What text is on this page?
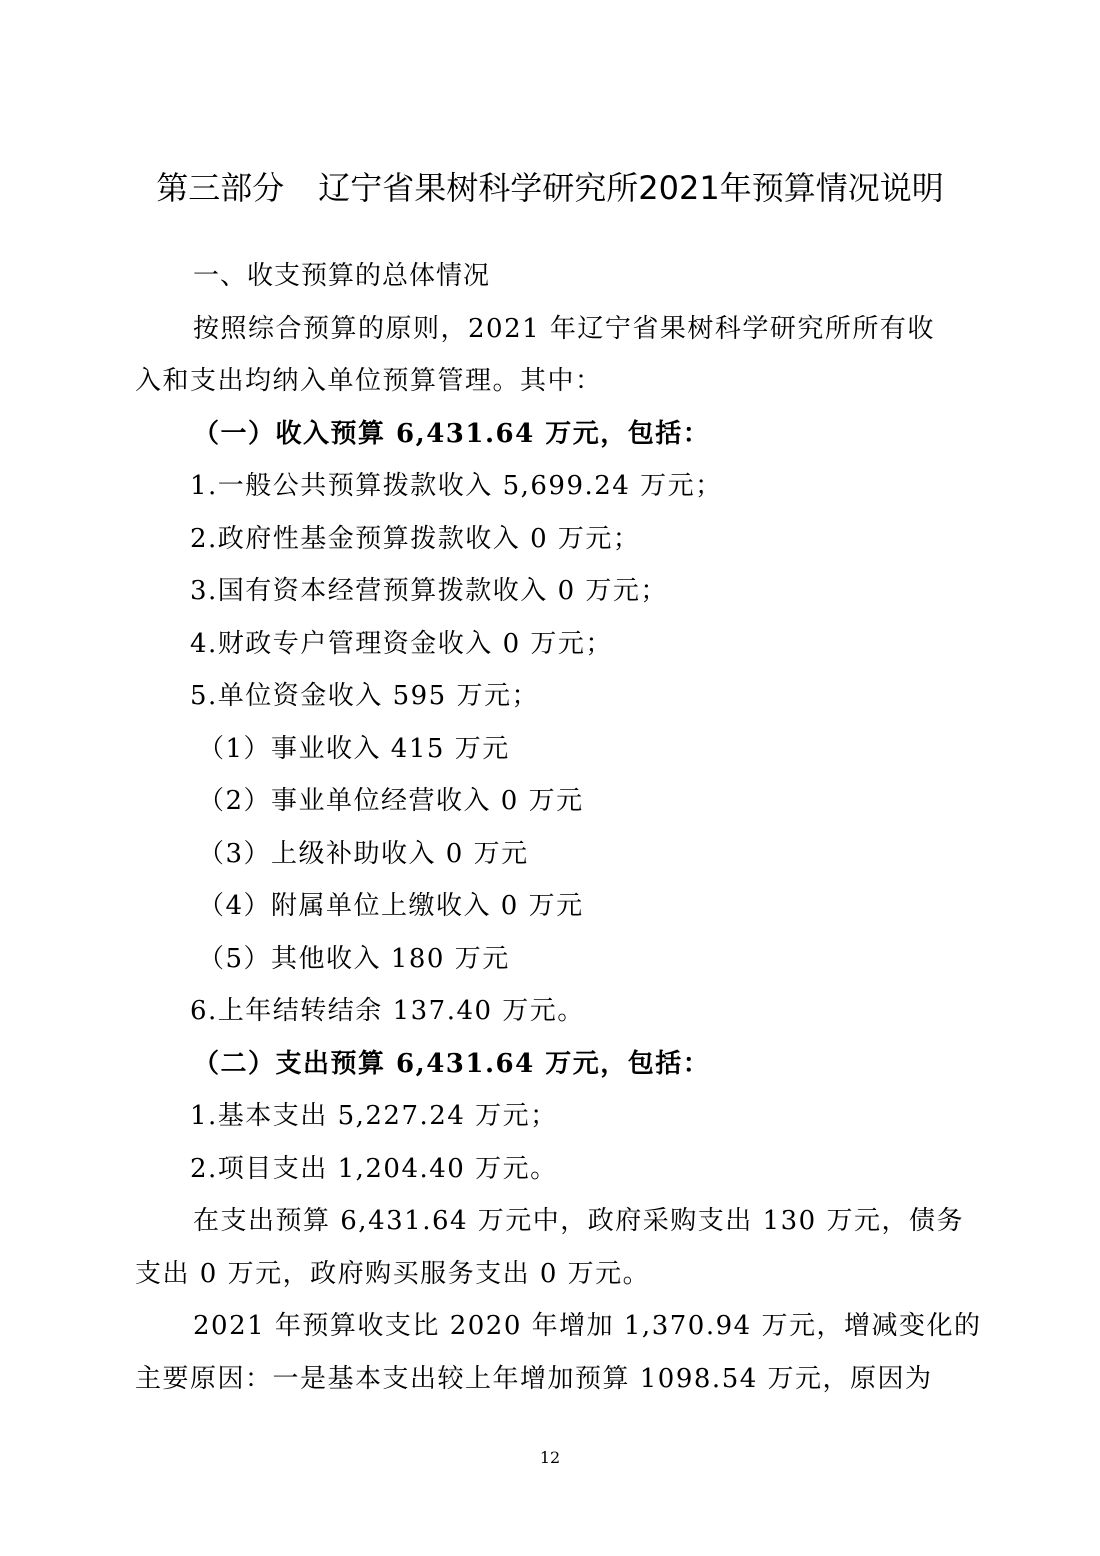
第三部分 辽宁省果树科学研究所2021年预算情况说明
一、收支预算的总体情况
按照综合预算的原则，2021 年辽宁省果树科学研究所所有收
入和支出均纳入单位预算管理。其中：
（一）收入预算 6,431.64 万元，包括：
1.一般公共预算拨款收入 5,699.24 万元；
2.政府性基金预算拨款收入 0 万元；
3.国有资本经营预算拨款收入 0 万元；
4.财政专户管理资金收入 0 万元；
5.单位资金收入 595 万元；
（1）事业收入 415 万元
（2）事业单位经营收入 0 万元
（3）上级补助收入 0 万元
（4）附属单位上缴收入 0 万元
（5）其他收入 180 万元
6.上年结转结余 137.40 万元。
（二）支出预算 6,431.64 万元，包括：
1.基本支出 5,227.24 万元；
2.项目支出 1,204.40 万元。
在支出预算 6,431.64 万元中，政府采购支出 130 万元，债务
支出 0 万元，政府购买服务支出 0 万元。
2021 年预算收支比 2020 年增加 1,370.94 万元，增减变化的
主要原因：一是基本支出较上年增加预算 1098.54 万元，原因为
12
